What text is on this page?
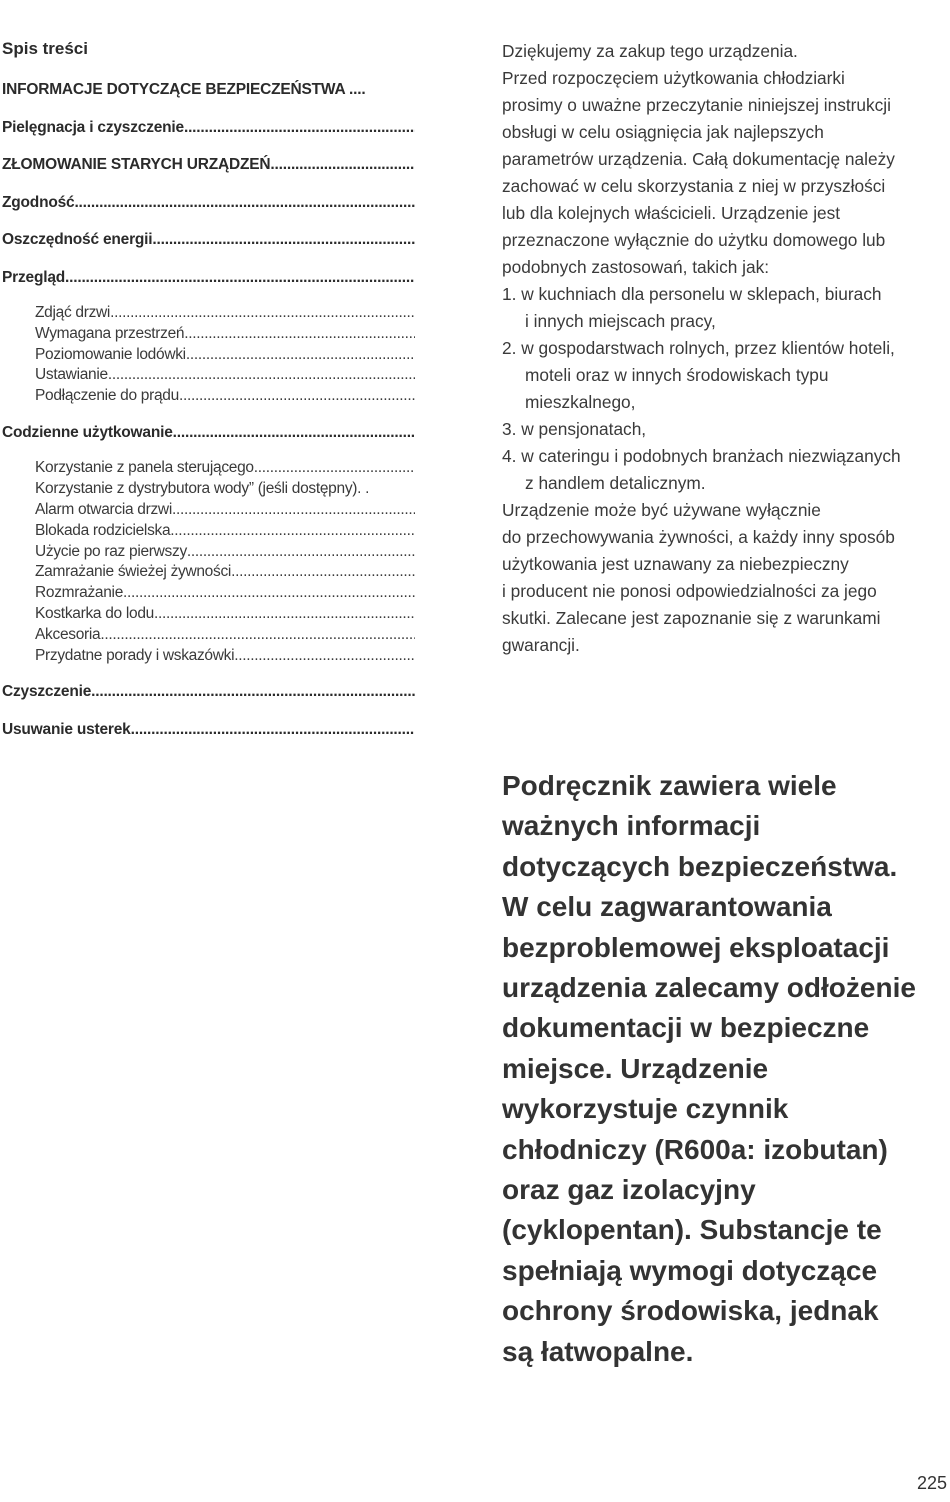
Spis treści
INFORMACJE DOTYCZĄCE BEZPIECZEŃSTWA ....
Pielęgnacja i czyszczenie
.....
ZŁOMOWANIE STARYCH URZĄDZEŃ
.....
Zgodność
.....
Oszczędność energii
.....
Przegląd
.....
Zdjąć drzwi
.....
Wymagana przestrzeń
.....
Poziomowanie lodówki
.....
Ustawianie
.....
Podłączenie do prądu
.....
Codzienne użytkowanie
.....
Korzystanie z panela sterującego
.....
Korzystanie z dystrybutora wody” (jeśli dostępny). .
Alarm otwarcia drzwi
.....
Blokada rodzicielska
.....
Użycie po raz pierwszy
.....
Zamrażanie świeżej żywności
.....
Rozmrażanie
.....
Kostkarka do lodu
.....
Akcesoria
.....
Przydatne porady i wskazówki
.....
Czyszczenie
.....
Usuwanie usterek
.....

Dziękujemy za zakup tego urządzenia.

Przed rozpoczęciem użytkowania chłodziarki

prosimy o uważne przeczytanie niniejszej instrukcji

obsługi w celu osiągnięcia jak najlepszych

parametrów urządzenia. Całą dokumentację należy

zachować w celu skorzystania z niej w przyszłości

lub dla kolejnych właścicieli. Urządzenie jest

przeznaczone wyłącznie do użytku domowego lub

podobnych zastosowań, takich jak:

1. w kuchniach dla personelu w sklepach, biurach

i innych miejscach pracy,

2. w gospodarstwach rolnych, przez klientów hoteli,

moteli oraz w innych środowiskach typu

mieszkalnego,

3. w pensjonatach,

4. w cateringu i podobnych branżach niezwiązanych

z handlem detalicznym.

Urządzenie może być używane wyłącznie

do przechowywania żywności, a każdy inny sposób

użytkowania jest uznawany za niebezpieczny

i producent nie ponosi odpowiedzialności za jego

skutki. Zalecane jest zapoznanie się z warunkami

gwarancji.

Podręcznik zawiera wiele

ważnych informacji

dotyczących bezpieczeństwa.

W celu zagwarantowania

bezproblemowej eksploatacji

urządzenia zalecamy odłożenie

dokumentacji w bezpieczne

miejsce. Urządzenie

wykorzystuje czynnik

chłodniczy (R600a: izobutan)

oraz gaz izolacyjny

(cyklopentan). Substancje te

spełniają wymogi dotyczące

ochrony środowiska, jednak

są łatwopalne.

225
